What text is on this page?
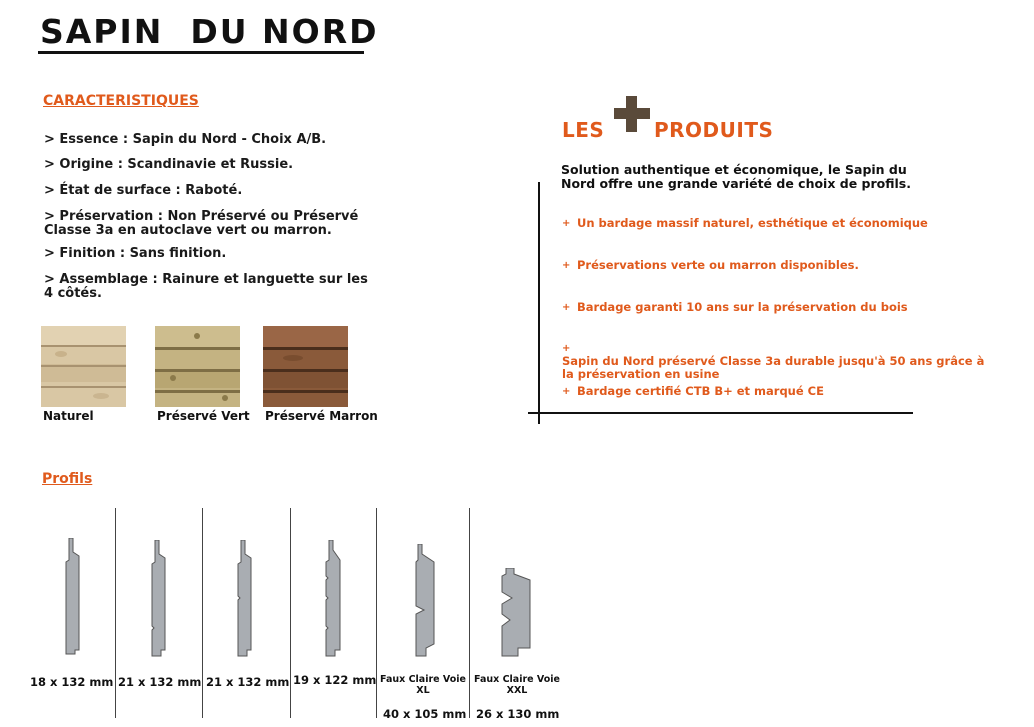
SAPIN  DU NORD
CARACTERISTIQUES
> Essence : Sapin du Nord - Choix A/B.
> Origine : Scandinavie et Russie.
> État de surface : Raboté.
> Préservation : Non Préservé ou Préservé Classe 3a en autoclave vert ou marron.
> Finition : Sans finition.
> Assemblage : Rainure et languette sur les 4 côtés.
Naturel	Préservé Vert Préservé Marron
LES PRODUITS
Solution authentique et économique, le Sapin du Nord offre une grande variété de choix de profils.
+ Un bardage massif naturel, esthétique et économique
+ Préservations verte ou marron disponibles.
+ Bardage garanti 10 ans sur la préservation du bois
+Sapin du Nord préservé Classe 3a durable jusqu'à 50 ans grâce à la préservation en usine
+ Bardage certifié CTB B+ et marqué CE
Profils
18 x 132 mm 21 x 132 mm 21 x 132 mm 19 x 122 mm Faux Claire Voie XL
40 x 105 mm
Faux Claire Voie XXL
26 x 130 mm
